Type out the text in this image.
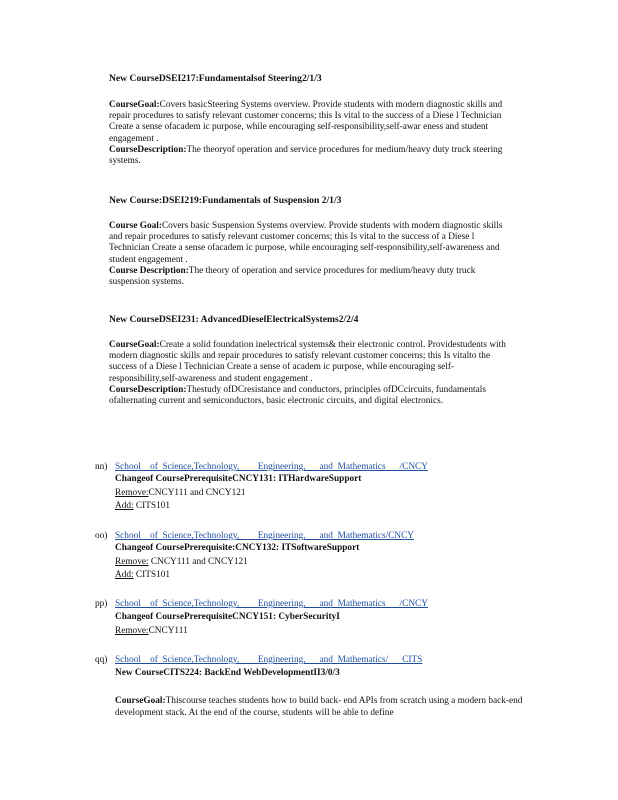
New CourseDSEI217:Fundamentalsof Steering2/1/3
CourseGoal:Covers basicSteering Systems overview. Provide students with modern diagnostic skills and repair procedures to satisfy relevant customer concerns; this Is vital to the success of a Diese l Technician Create a sense ofacadem ic purpose, while encouraging self-responsibility,self-awar eness and student engagement .
CourseDescription:The theoryof operation and service procedures for medium/heavy duty truck steering systems.
New Course:DSEI219:Fundamentals of Suspension 2/1/3
Course Goal:Covers basic Suspension Systems overview. Provide students with modern diagnostic skills and repair procedures to satisfy relevant customer concerns; this Is vital to the success of a Diese l Technician Create a sense ofacadem ic purpose, while encouraging self-responsibility,self-awareness and student engagement .
Course Description:The theory of operation and service procedures for medium/heavy duty truck suspension systems.
New CourseDSEI231: AdvancedDieselElectricalSystems2/2/4
CourseGoal:Create a solid foundation inelectrical systems& their electronic control. Providestudents with modern diagnostic skills and repair procedures to satisfy relevant customer concerns; this Is vitalto the success of a Diese l Technician Create a sense of academ ic purpose, while encouraging self-responsibility,self-awareness and student engagement .
CourseDescription:Thestudy ofDCresistance and conductors, principles ofDCcircuits, fundamentals ofalternating current and semiconductors, basic electronic circuits, and digital electronics.
nn) School    of  Science,Technology,        Engineering,      and  Mathematics      /CNCY
Changeof CoursePrerequisiteCNCY131: ITHardwareSupport
Remove:CNCY111 and CNCY121
Add: CITS101
oo) School    of  Science,Technology,        Engineering,      and  Mathematics/CNCY
Changeof CoursePrerequisite:CNCY132: ITSoftwareSupport
Remove: CNCY111 and CNCY121
Add: CITS101
pp) School    of  Science,Technology,        Engineering,      and  Mathematics      /CNCY
Changeof CoursePrerequisiteCNCY151: CyberSecurityI
Remove:CNCY111
qq) School    of  Science,Technology,        Engineering,      and  Mathematics/      CITS
New CourseCITS224: BackEnd WebDevelopmentII3/0/3
CourseGoal:Thiscourse teaches students how to build back- end APIs from scratch using a modern back-end development stack. At the end of the course, students will be able to define
